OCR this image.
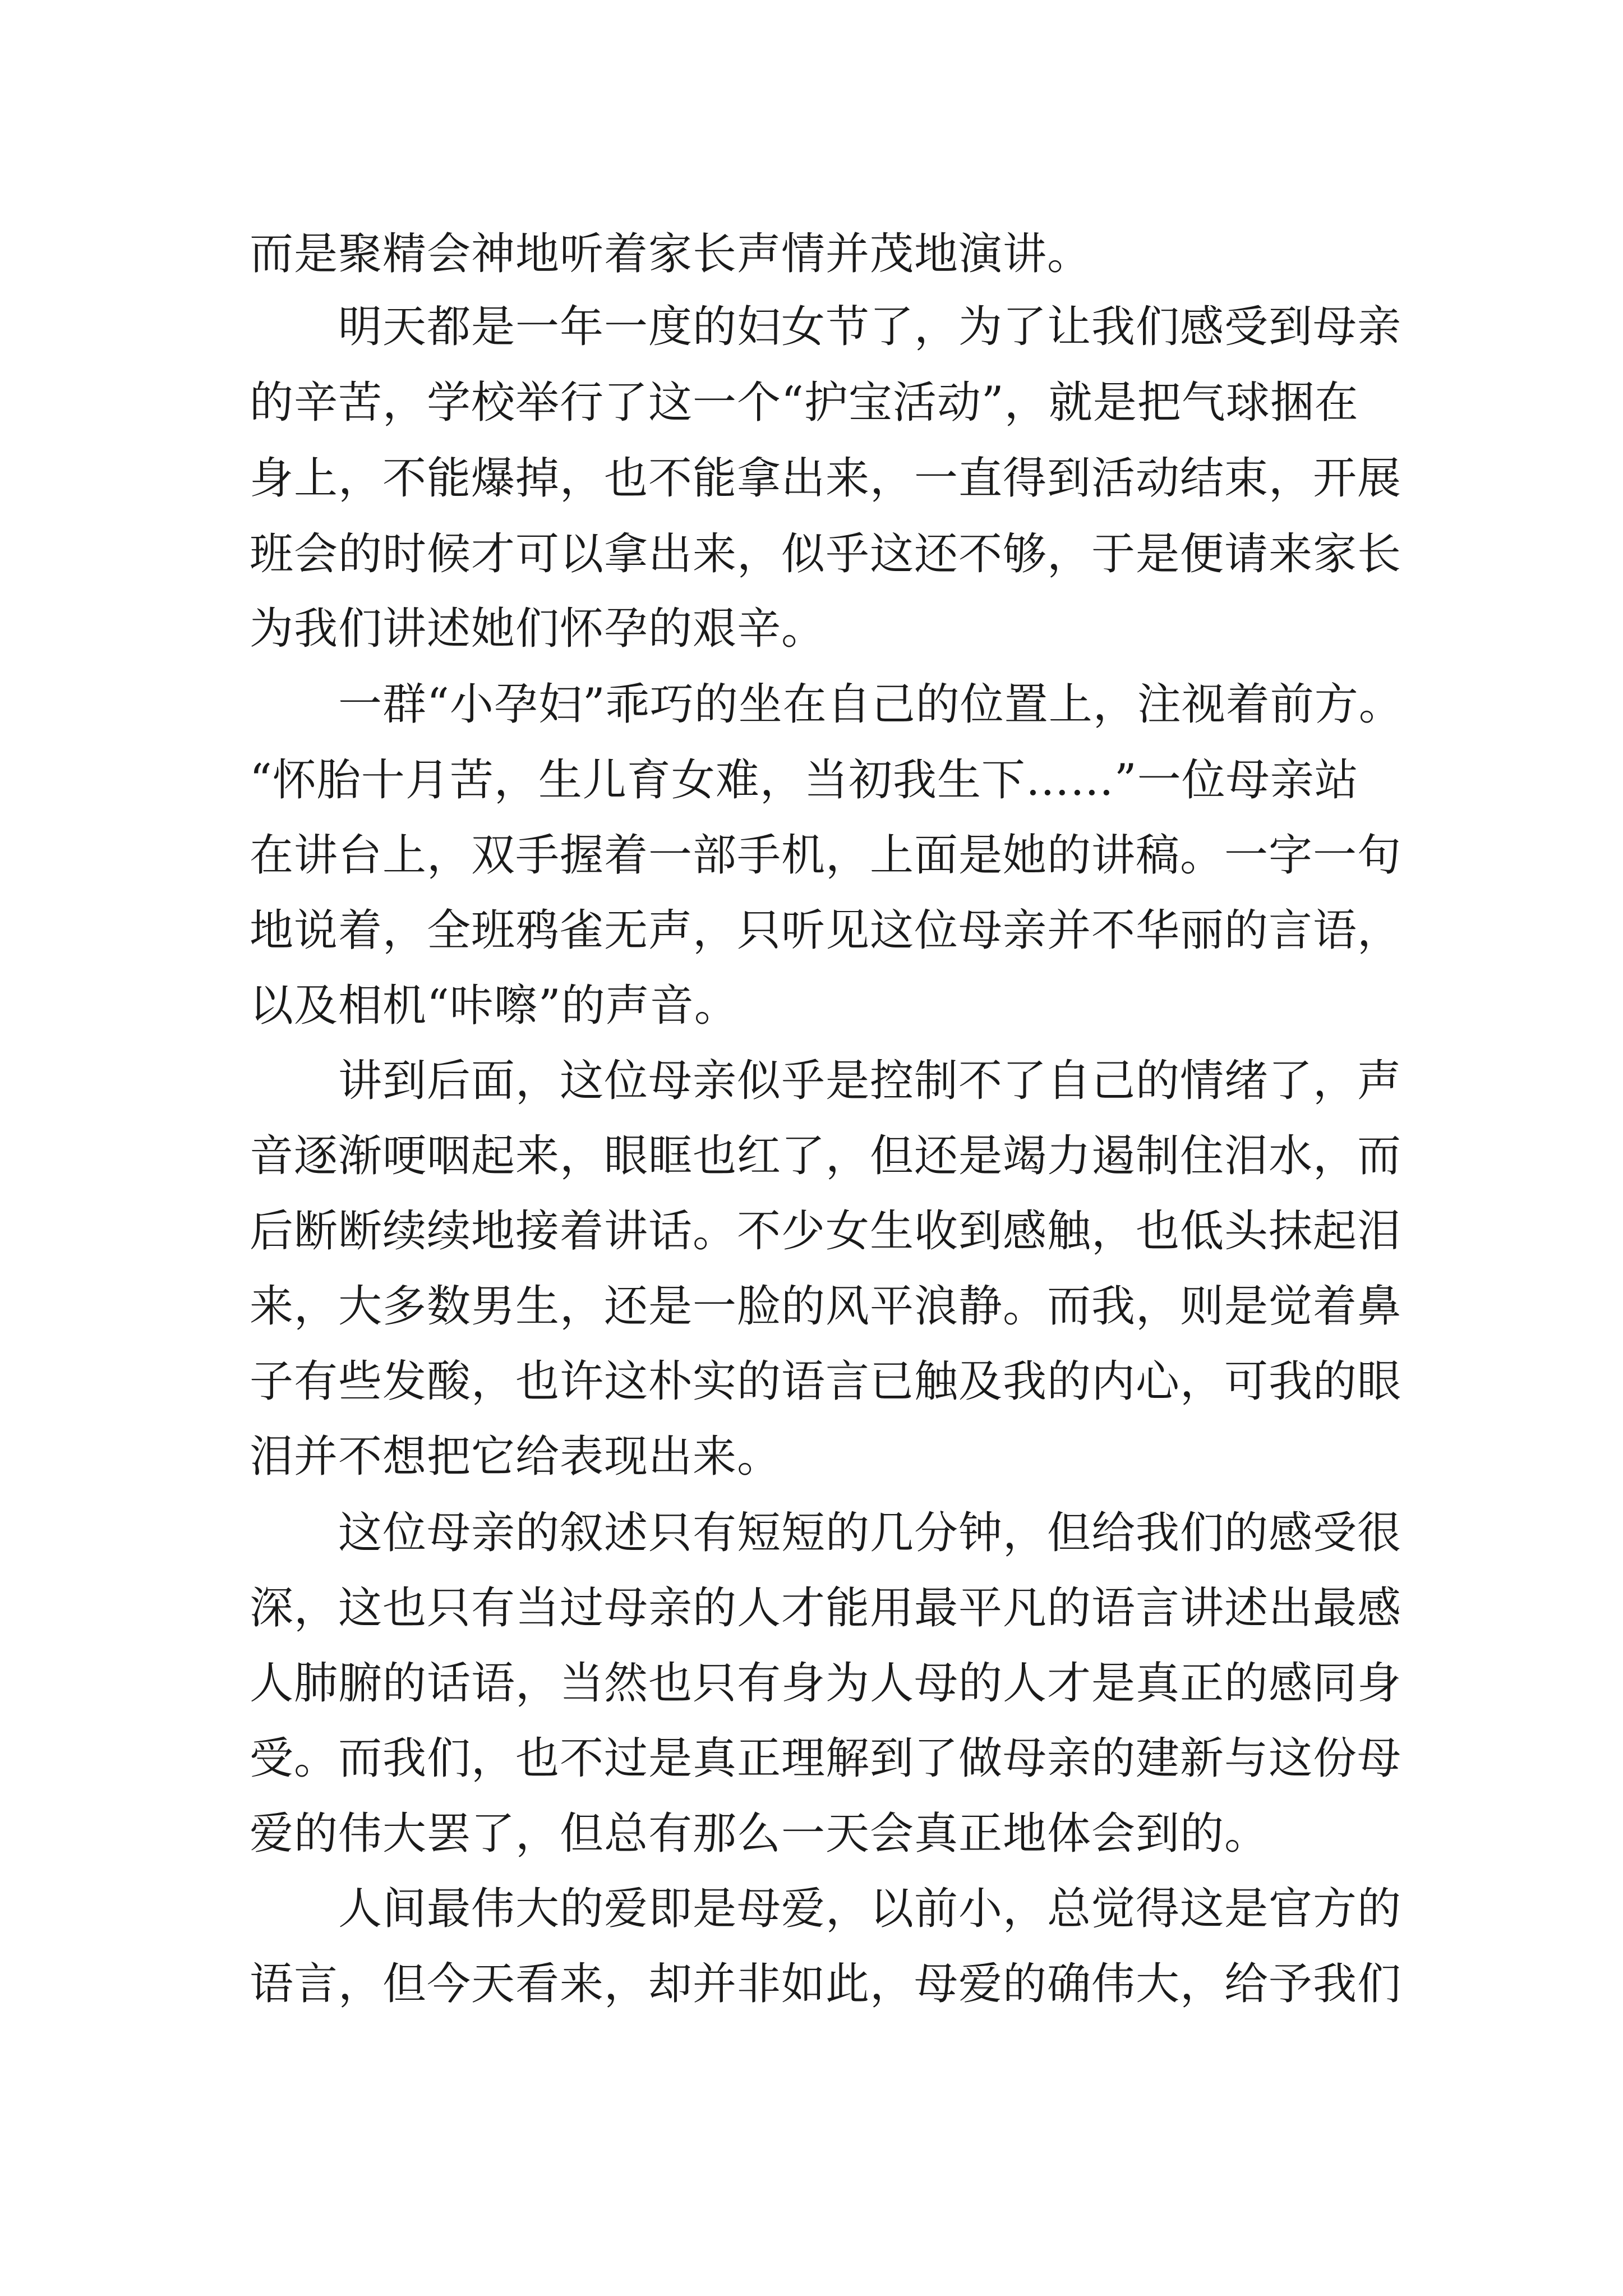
而是聚精会神地听着家长声情并茂地演讲。
　　明天都是一年一度的妇女节了，为了让我们感受到母亲
的辛苦，学校举行了这一个“护宝活动”，就是把气球捆在
身上，不能爆掉，也不能拿出来，一直得到活动结束，开展
班会的时候才可以拿出来，似乎这还不够，于是便请来家长
为我们讲述她们怀孕的艰辛。
　　一群“小孕妇”乖巧的坐在自己的位置上，注视着前方。
“怀胎十月苦，生儿育女难，当初我生下……”一位母亲站
在讲台上，双手握着一部手机，上面是她的讲稿。一字一句
地说着，全班鸦雀无声，只听见这位母亲并不华丽的言语，
以及相机“咔嚓”的声音。
　　讲到后面，这位母亲似乎是控制不了自己的情绪了，声
音逐渐哽咽起来，眼眶也红了，但还是竭力遏制住泪水，而
后断断续续地接着讲话。不少女生收到感触，也低头抹起泪
来，大多数男生，还是一脸的风平浪静。而我，则是觉着鼻
子有些发酸，也许这朴实的语言已触及我的内心，可我的眼
泪并不想把它给表现出来。
　　这位母亲的叙述只有短短的几分钟，但给我们的感受很
深，这也只有当过母亲的人才能用最平凡的语言讲述出最感
人肺腑的话语，当然也只有身为人母的人才是真正的感同身
受。而我们，也不过是真正理解到了做母亲的建新与这份母
爱的伟大罢了，但总有那么一天会真正地体会到的。
　　人间最伟大的爱即是母爱，以前小，总觉得这是官方的
语言，但今天看来，却并非如此，母爱的确伟大，给予我们
